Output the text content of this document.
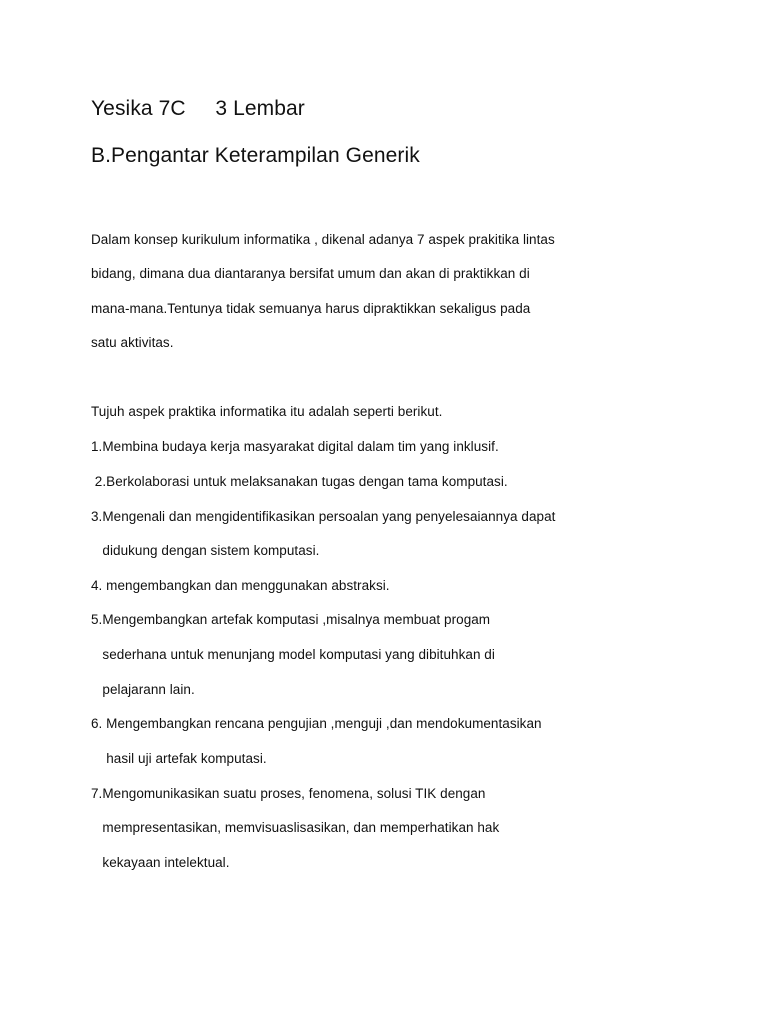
Yesika 7C     3 Lembar
B.Pengantar Keterampilan Generik
Dalam konsep kurikulum informatika , dikenal adanya 7 aspek prakitika lintas
bidang, dimana dua diantaranya bersifat umum dan akan di praktikkan di
mana-mana.Tentunya tidak semuanya harus dipraktikkan sekaligus pada
satu aktivitas.
Tujuh aspek praktika informatika itu adalah seperti berikut.
1.Membina budaya kerja masyarakat digital dalam tim yang inklusif.
2.Berkolaborasi untuk melaksanakan tugas dengan tama komputasi.
3.Mengenali dan mengidentifikasikan persoalan yang penyelesaiannya dapat
didukung dengan sistem komputasi.
4. mengembangkan dan menggunakan abstraksi.
5.Mengembangkan artefak komputasi ,misalnya membuat progam
sederhana untuk menunjang model komputasi yang dibituhkan di
pelajarann lain.
6. Mengembangkan rencana pengujian ,menguji ,dan mendokumentasikan
hasil uji artefak komputasi.
7.Mengomunikasikan suatu proses, fenomena, solusi TIK dengan
mempresentasikan, memvisuaslisasikan, dan memperhatikan hak
kekayaan intelektual.
